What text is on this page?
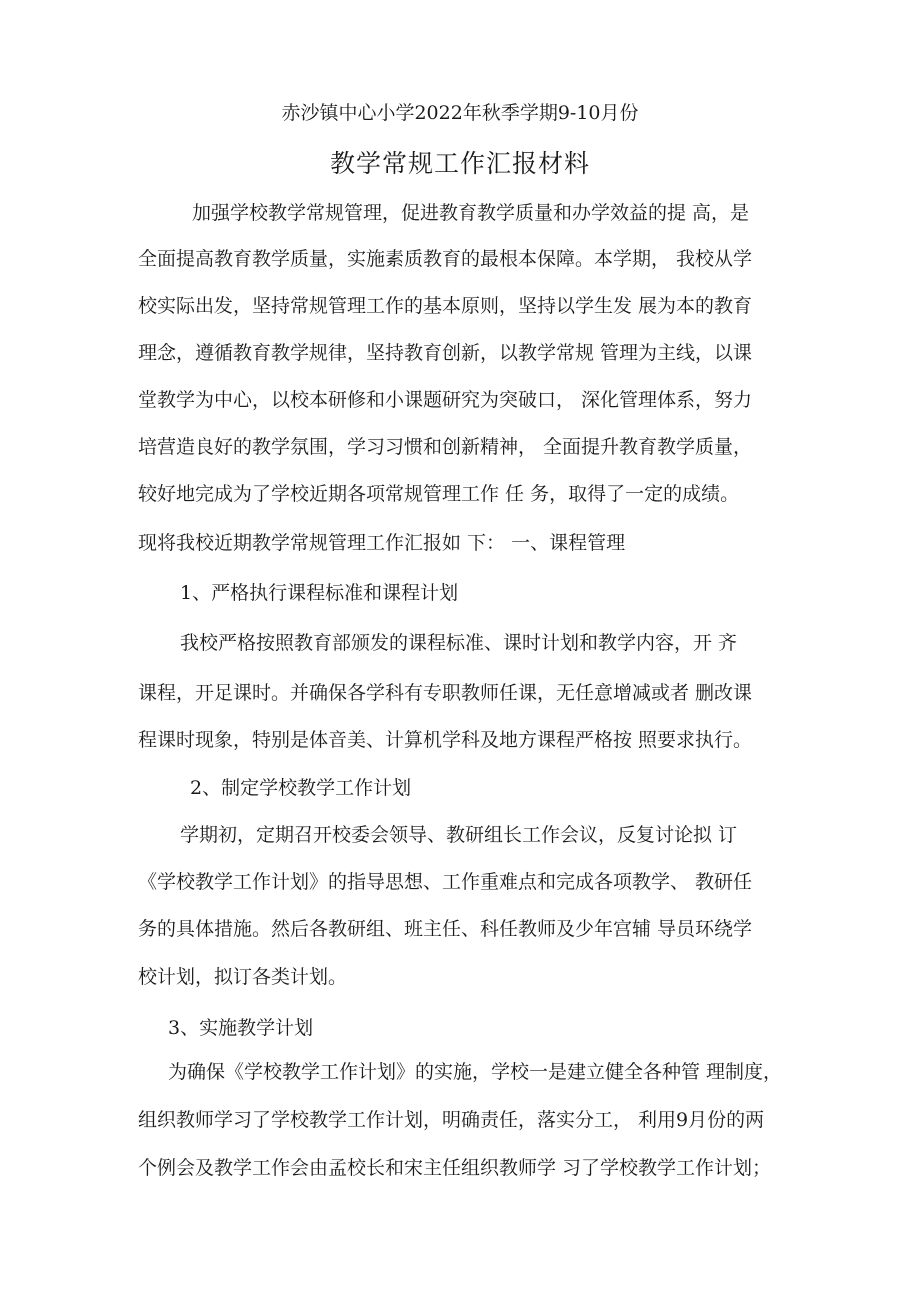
赤沙镇中心小学2022年秋季学期9-10月份
教学常规工作汇报材料
加强学校教学常规管理，促进教育教学质量和办学效益的提 高，是
全面提高教育教学质量，实施素质教育的最根本保障。本学期， 我校从学
校实际出发，坚持常规管理工作的基本原则，坚持以学生发 展为本的教育
理念，遵循教育教学规律，坚持教育创新，以教学常规 管理为主线，以课
堂教学为中心，以校本研修和小课题研究为突破口， 深化管理体系，努力
培营造良好的教学氛围，学习习惯和创新精神， 全面提升教育教学质量，
较好地完成为了学校近期各项常规管理工作 任 务，取得了一定的成绩。
现将我校近期教学常规管理工作汇报如 下： 一、课程管理
1、严格执行课程标准和课程计划
我校严格按照教育部颁发的课程标准、课时计划和教学内容，开 齐
课程，开足课时。并确保各学科有专职教师任课，无任意增减或者 删改课
程课时现象，特别是体音美、计算机学科及地方课程严格按 照要求执行。
2、制定学校教学工作计划
学期初，定期召开校委会领导、教研组长工作会议，反复讨论拟 订
《学校教学工作计划》的指导思想、工作重难点和完成各项教学、 教研任
务的具体措施。然后各教研组、班主任、科任教师及少年宫辅 导员环绕学
校计划，拟订各类计划。
3、实施教学计划
为确保《学校教学工作计划》的实施，学校一是建立健全各种管 理制度，
组织教师学习了学校教学工作计划，明确责任，落实分工， 利用9月份的两
个例会及教学工作会由孟校长和宋主任组织教师学 习了学校教学工作计划；
